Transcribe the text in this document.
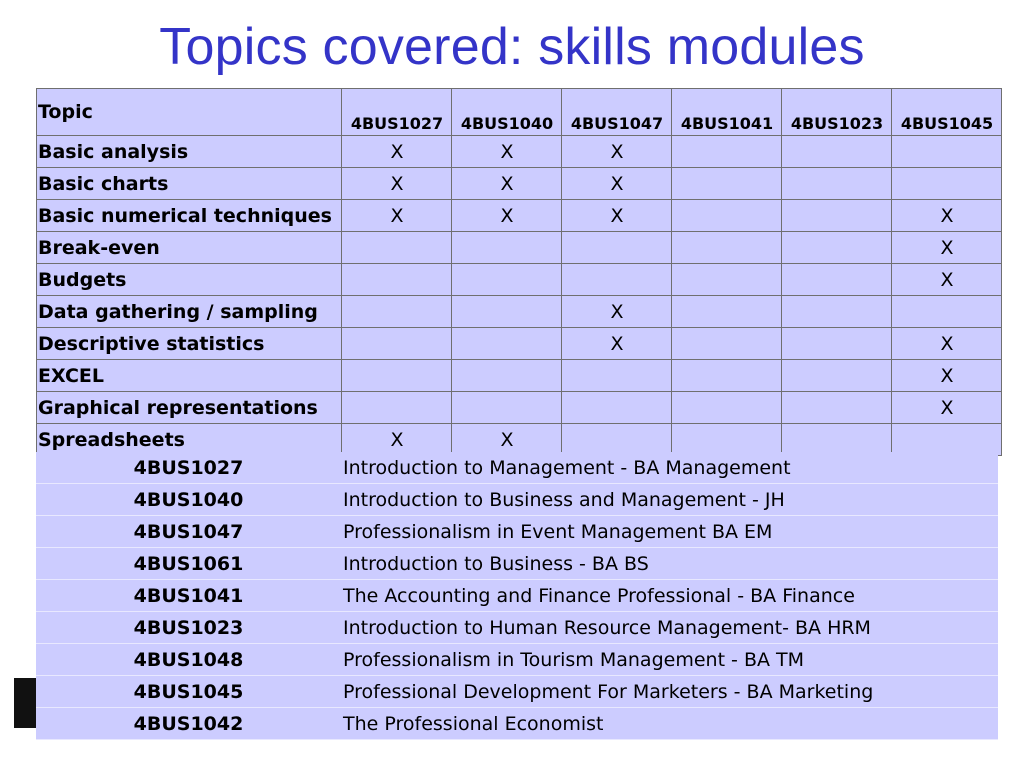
Topics covered: skills modules
Topic	4BUS1027	4BUS1040	4BUS1047	4BUS1041	4BUS1023	4BUS1045
Basic analysis	X	X	X			
Basic charts	X	X	X			
Basic numerical techniques	X	X	X			X
Break-even						X
Budgets						X
Data gathering / sampling			X			
Descriptive statistics			X			X
EXCEL						X
Graphical representations						X
Spreadsheets	X	X				
4BUS1027	Introduction to Management - BA Management
4BUS1040	Introduction to Business and Management - JH
4BUS1047	Professionalism in Event Management BA EM
4BUS1061	Introduction to Business - BA BS
4BUS1041	The Accounting and Finance Professional - BA Finance
4BUS1023	Introduction to Human Resource Management- BA HRM
4BUS1048	Professionalism in Tourism Management - BA TM
4BUS1045	Professional Development For Marketers - BA Marketing
4BUS1042	The Professional Economist
